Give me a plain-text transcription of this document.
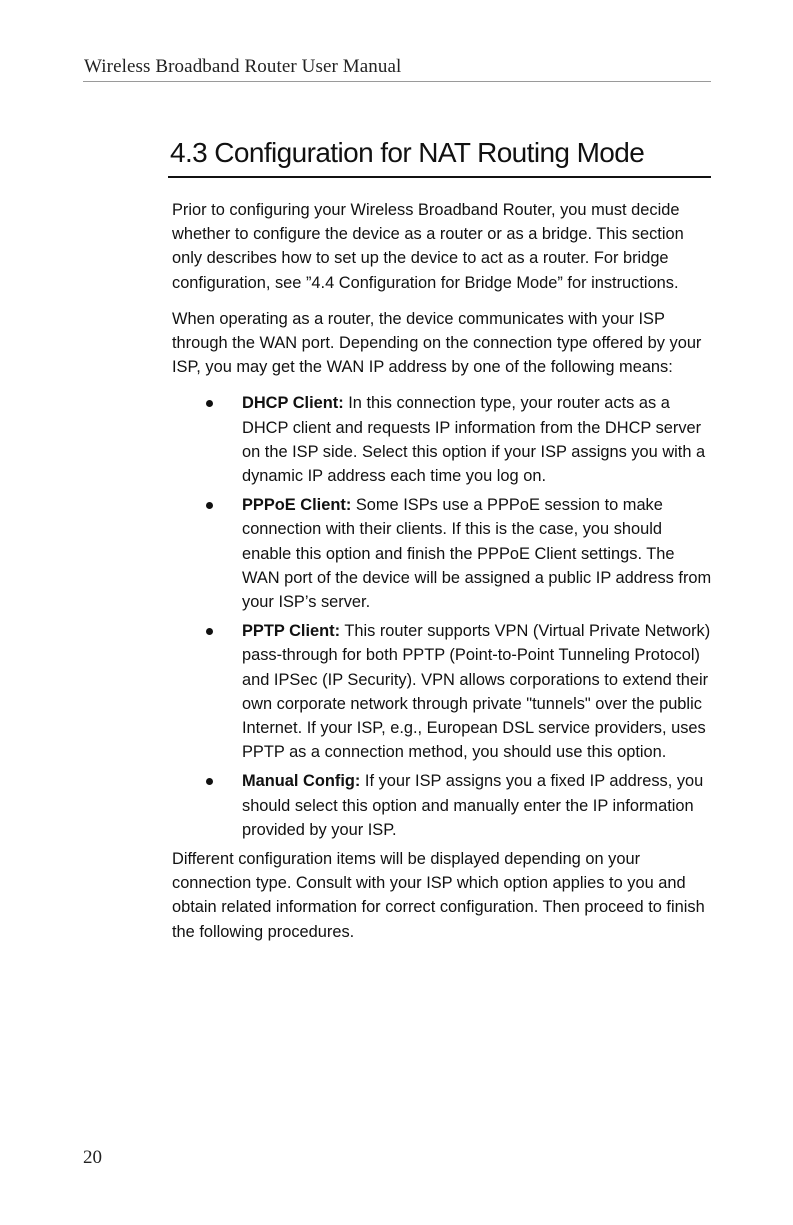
Wireless Broadband Router User Manual
4.3 Configuration for NAT Routing Mode

Prior to configuring your Wireless Broadband Router, you must decide whether to configure the device as a router or as a bridge. This section only describes how to set up the device to act as a router. For bridge configuration, see ”4.4 Configuration for Bridge Mode” for instructions.

When operating as a router, the device communicates with your ISP through the WAN port. Depending on the connection type offered by your ISP, you may get the WAN IP address by one of the following means:

DHCP Client: In this connection type, your router acts as a DHCP client and requests IP information from the DHCP server on the ISP side. Select this option if your ISP assigns you with a dynamic IP address each time you log on.
PPPoE Client: Some ISPs use a PPPoE session to make connection with their clients. If this is the case, you should enable this option and finish the PPPoE Client settings. The WAN port of the device will be assigned a public IP address from your ISP’s server.
PPTP Client: This router supports VPN (Virtual Private Network) pass-through for both PPTP (Point-to-Point Tunneling Protocol) and IPSec (IP Security). VPN allows corporations to extend their own corporate network through private "tunnels" over the public Internet. If your ISP, e.g., European DSL service providers, uses PPTP as a connection method, you should use this option.
Manual Config: If your ISP assigns you a fixed IP address, you should select this option and manually enter the IP information provided by your ISP.

Different configuration items will be displayed depending on your connection type. Consult with your ISP which option applies to you and obtain related information for correct configuration. Then proceed to finish the following procedures.

20
